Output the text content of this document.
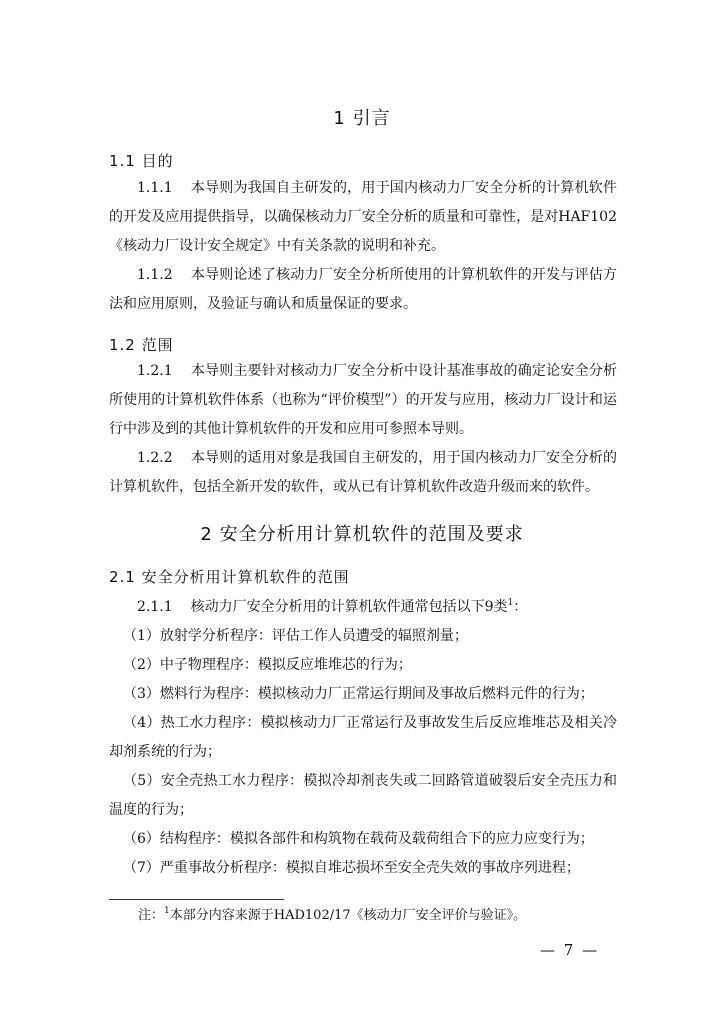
1 引言
1.1 目的
1.1.1 本导则为我国自主研发的，用于国内核动力厂安全分析的计算机软件的开发及应用提供指导，以确保核动力厂安全分析的质量和可靠性，是对HAF102《核动力厂设计安全规定》中有关条款的说明和补充。
1.1.2 本导则论述了核动力厂安全分析所使用的计算机软件的开发与评估方法和应用原则，及验证与确认和质量保证的要求。
1.2 范围
1.2.1 本导则主要针对核动力厂安全分析中设计基准事故的确定论安全分析所使用的计算机软件体系（也称为“评价模型”）的开发与应用，核动力厂设计和运行中涉及到的其他计算机软件的开发和应用可参照本导则。
1.2.2 本导则的适用对象是我国自主研发的，用于国内核动力厂安全分析的计算机软件，包括全新开发的软件，或从已有计算机软件改造升级而来的软件。
2 安全分析用计算机软件的范围及要求
2.1 安全分析用计算机软件的范围
2.1.1 核动力厂安全分析用的计算机软件通常包括以下9类$^1$：
（1）放射学分析程序：评估工作人员遭受的辐照剂量；
（2）中子物理程序：模拟反应堆堆芯的行为；
（3）燃料行为程序：模拟核动力厂正常运行期间及事故后燃料元件的行为；
（4）热工水力程序：模拟核动力厂正常运行及事故发生后反应堆堆芯及相关冷却剂系统的行为；
（5）安全壳热工水力程序：模拟冷却剂丧失或二回路管道破裂后安全壳压力和温度的行为；
（6）结构程序：模拟各部件和构筑物在载荷及载荷组合下的应力应变行为；
（7）严重事故分析程序：模拟自堆芯损坏至安全壳失效的事故序列进程；
注：$^1$本部分内容来源于HAD102/17《核动力厂安全评价与验证》。
— 7 —
